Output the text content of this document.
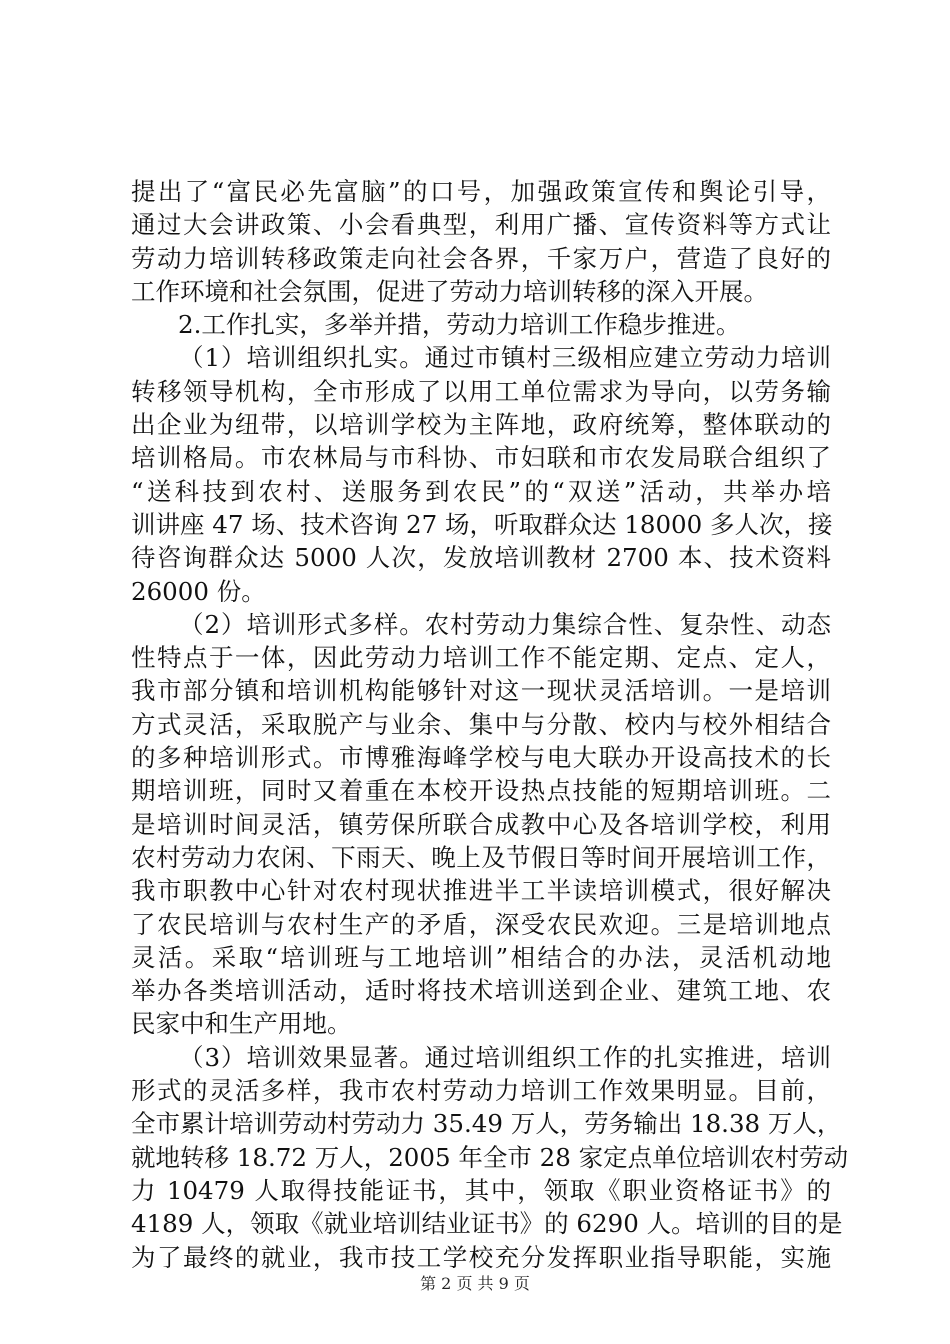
提出了“富民必先富脑”的口号，加强政策宣传和舆论引导，
通过大会讲政策、小会看典型，利用广播、宣传资料等方式让
劳动力培训转移政策走向社会各界，千家万户，营造了良好的
工作环境和社会氛围，促进了劳动力培训转移的深入开展。
2.工作扎实，多举并措，劳动力培训工作稳步推进。
（1）培训组织扎实。通过市镇村三级相应建立劳动力培训
转移领导机构，全市形成了以用工单位需求为导向，以劳务输
出企业为纽带，以培训学校为主阵地，政府统筹，整体联动的
培训格局。市农林局与市科协、市妇联和市农发局联合组织了
“送科技到农村、送服务到农民”的“双送”活动，共举办培
训讲座 47 场、技术咨询 27 场，听取群众达 18000 多人次，接
待咨询群众达 5000 人次，发放培训教材 2700 本、技术资料
26000 份。
（2）培训形式多样。农村劳动力集综合性、复杂性、动态
性特点于一体，因此劳动力培训工作不能定期、定点、定人，
我市部分镇和培训机构能够针对这一现状灵活培训。一是培训
方式灵活，采取脱产与业余、集中与分散、校内与校外相结合
的多种培训形式。市博雅海峰学校与电大联办开设高技术的长
期培训班，同时又着重在本校开设热点技能的短期培训班。二
是培训时间灵活，镇劳保所联合成教中心及各培训学校，利用
农村劳动力农闲、下雨天、晚上及节假日等时间开展培训工作，
我市职教中心针对农村现状推进半工半读培训模式，很好解决
了农民培训与农村生产的矛盾，深受农民欢迎。三是培训地点
灵活。采取“培训班与工地培训”相结合的办法，灵活机动地
举办各类培训活动，适时将技术培训送到企业、建筑工地、农
民家中和生产用地。
（3）培训效果显著。通过培训组织工作的扎实推进，培训
形式的灵活多样，我市农村劳动力培训工作效果明显。目前，
全市累计培训劳动村劳动力 35.49 万人，劳务输出 18.38 万人，
就地转移 18.72 万人，2005 年全市 28 家定点单位培训农村劳动
力 10479 人取得技能证书，其中，领取《职业资格证书》的
4189 人，领取《就业培训结业证书》的 6290 人。培训的目的是
为了最终的就业，我市技工学校充分发挥职业指导职能，实施
第 2 页 共 9 页
